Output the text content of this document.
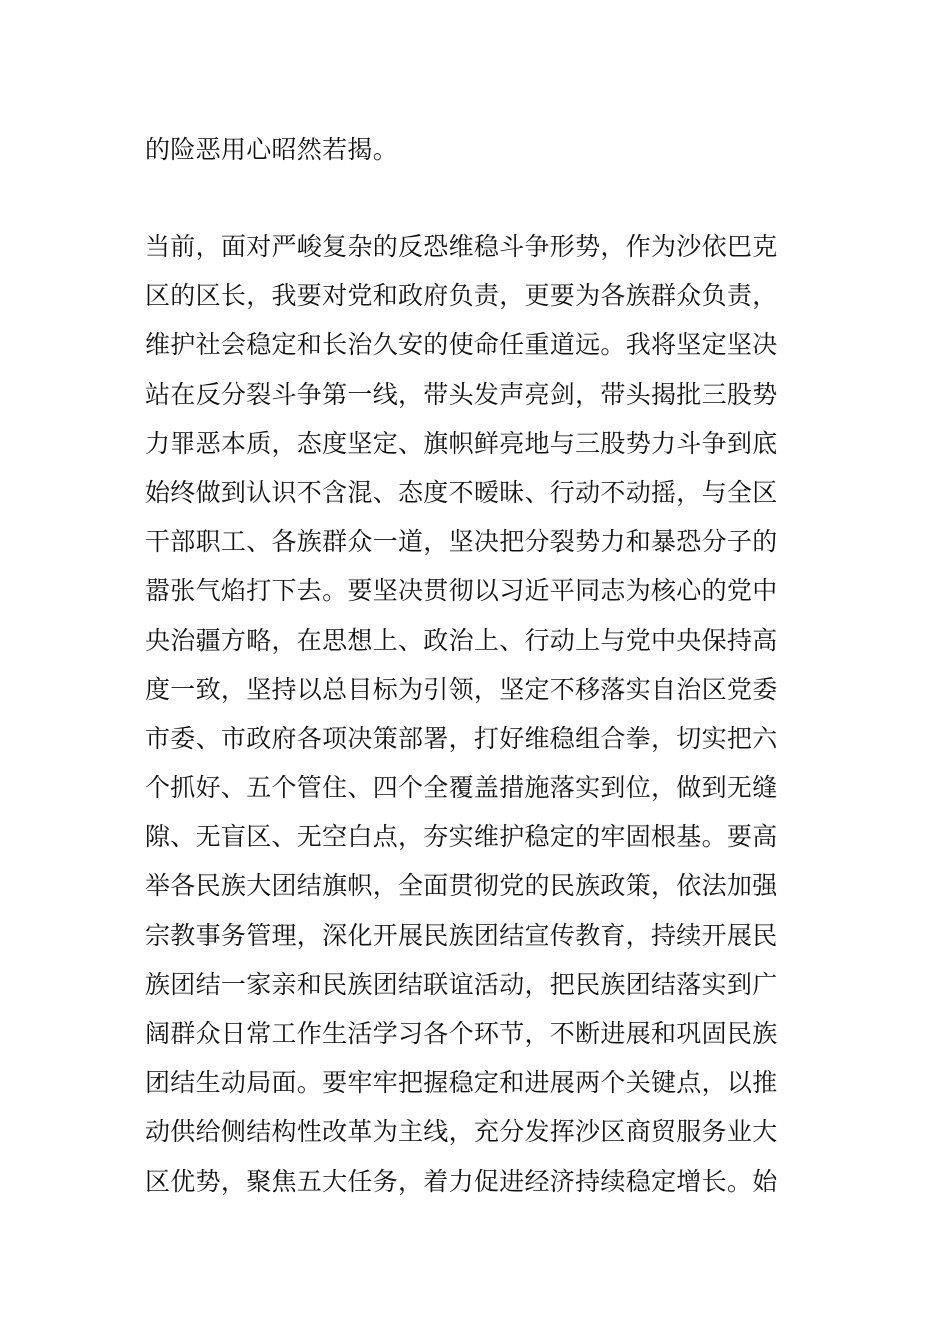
的险恶用心昭然若揭。
当前，面对严峻复杂的反恐维稳斗争形势，作为沙依巴克
区的区长，我要对党和政府负责，更要为各族群众负责，
维护社会稳定和长治久安的使命任重道远。我将坚定坚决
站在反分裂斗争第一线，带头发声亮剑，带头揭批三股势
力罪恶本质，态度坚定、旗帜鲜亮地与三股势力斗争到底
始终做到认识不含混、态度不暧昧、行动不动摇，与全区
干部职工、各族群众一道，坚决把分裂势力和暴恐分子的
嚣张气焰打下去。要坚决贯彻以习近平同志为核心的党中
央治疆方略，在思想上、政治上、行动上与党中央保持高
度一致，坚持以总目标为引领，坚定不移落实自治区党委
市委、市政府各项决策部署，打好维稳组合拳，切实把六
个抓好、五个管住、四个全覆盖措施落实到位，做到无缝
隙、无盲区、无空白点，夯实维护稳定的牢固根基。要高
举各民族大团结旗帜，全面贯彻党的民族政策，依法加强
宗教事务管理，深化开展民族团结宣传教育，持续开展民
族团结一家亲和民族团结联谊活动，把民族团结落实到广
阔群众日常工作生活学习各个环节，不断进展和巩固民族
团结生动局面。要牢牢把握稳定和进展两个关键点，以推
动供给侧结构性改革为主线，充分发挥沙区商贸服务业大
区优势，聚焦五大任务，着力促进经济持续稳定增长。始
